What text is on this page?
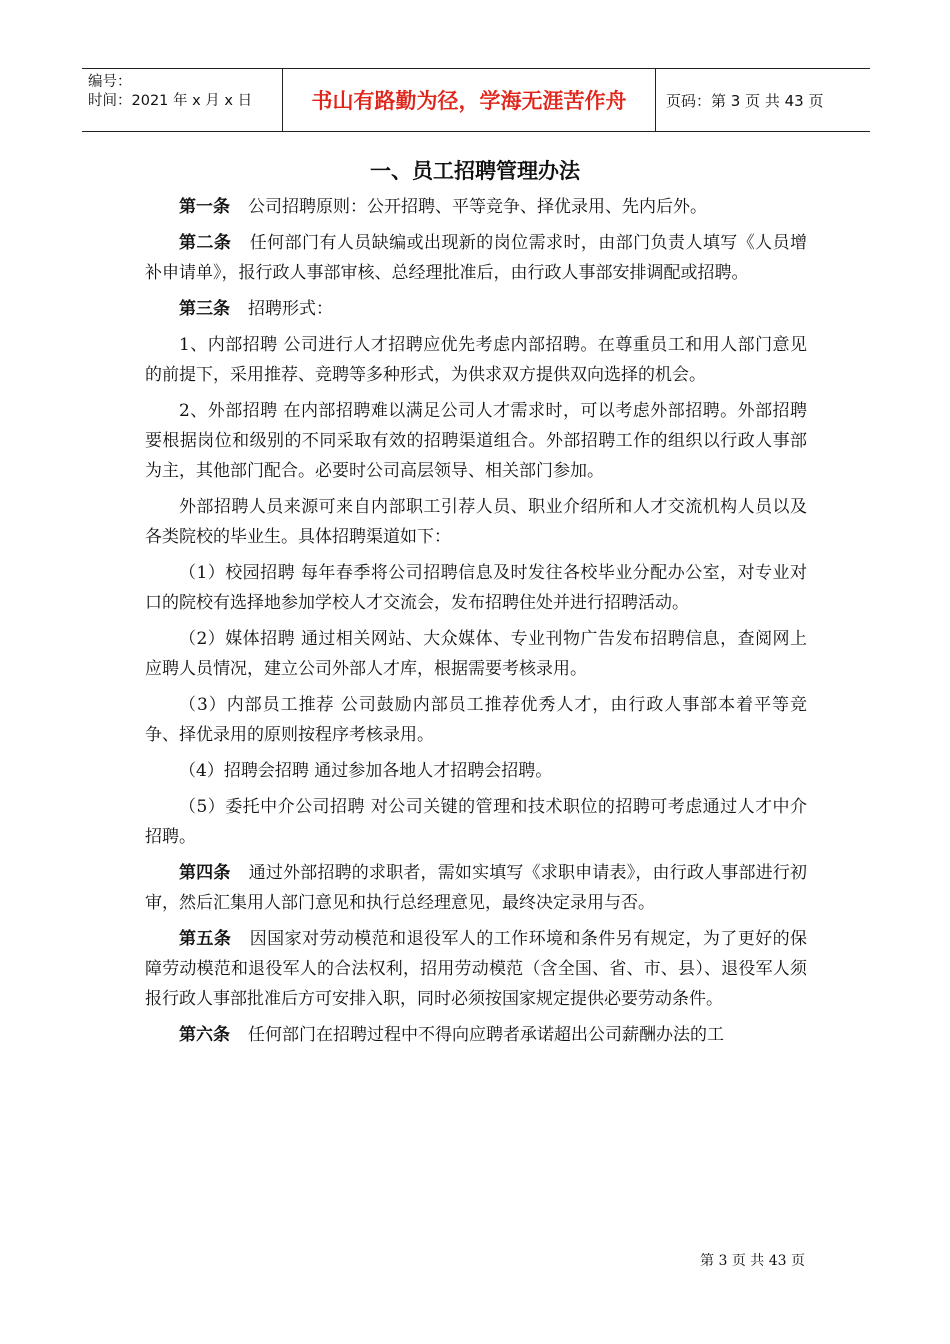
编号：
时间：2021 年 x 月 x 日	书山有路勤为径，学海无涯苦作舟	页码：第 3 页 共 43 页
一、员工招聘管理办法

第一条 公司招聘原则：公开招聘、平等竞争、择优录用、先内后外。

第二条 任何部门有人员缺编或出现新的岗位需求时，由部门负责人填写《人员增补申请单》，报行政人事部审核、总经理批准后，由行政人事部安排调配或招聘。

第三条 招聘形式：

1、内部招聘 公司进行人才招聘应优先考虑内部招聘。在尊重员工和用人部门意见的前提下，采用推荐、竞聘等多种形式，为供求双方提供双向选择的机会。

2、外部招聘 在内部招聘难以满足公司人才需求时，可以考虑外部招聘。外部招聘要根据岗位和级别的不同采取有效的招聘渠道组合。外部招聘工作的组织以行政人事部为主，其他部门配合。必要时公司高层领导、相关部门参加。

外部招聘人员来源可来自内部职工引荐人员、职业介绍所和人才交流机构人员以及各类院校的毕业生。具体招聘渠道如下：

（1）校园招聘 每年春季将公司招聘信息及时发往各校毕业分配办公室，对专业对口的院校有选择地参加学校人才交流会，发布招聘住处并进行招聘活动。

（2）媒体招聘 通过相关网站、大众媒体、专业刊物广告发布招聘信息，查阅网上应聘人员情况，建立公司外部人才库，根据需要考核录用。

（3）内部员工推荐 公司鼓励内部员工推荐优秀人才，由行政人事部本着平等竞争、择优录用的原则按程序考核录用。

（4）招聘会招聘 通过参加各地人才招聘会招聘。

（5）委托中介公司招聘 对公司关键的管理和技术职位的招聘可考虑通过人才中介招聘。

第四条 通过外部招聘的求职者，需如实填写《求职申请表》，由行政人事部进行初审，然后汇集用人部门意见和执行总经理意见，最终决定录用与否。

第五条 因国家对劳动模范和退役军人的工作环境和条件另有规定，为了更好的保障劳动模范和退役军人的合法权利，招用劳动模范（含全国、省、市、县）、退役军人须报行政人事部批准后方可安排入职，同时必须按国家规定提供必要劳动条件。

第六条 任何部门在招聘过程中不得向应聘者承诺超出公司薪酬办法的工

第 3 页 共 43 页
